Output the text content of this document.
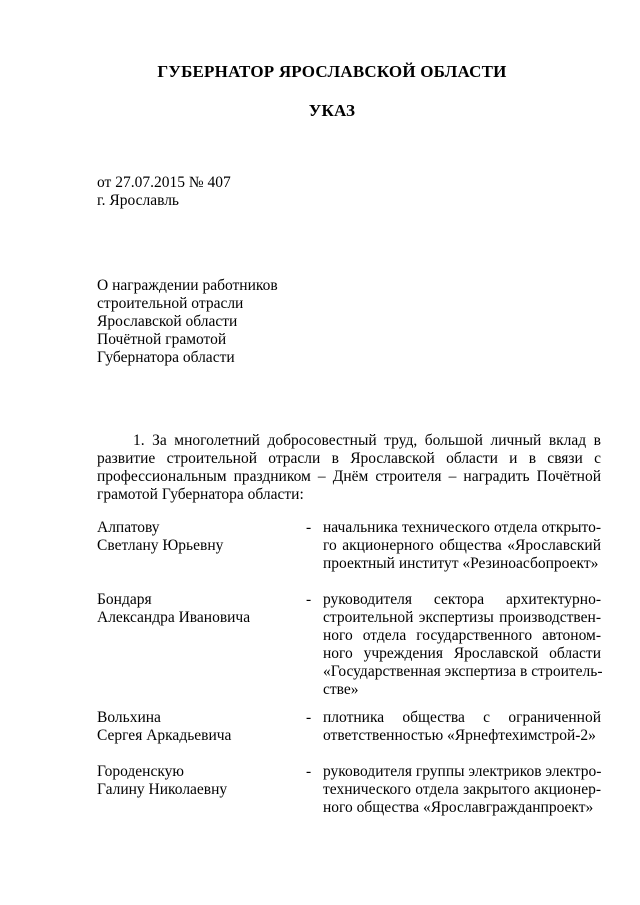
ГУБЕРНАТОР ЯРОСЛАВСКОЙ ОБЛАСТИ
УКАЗ
от 27.07.2015 № 407
г. Ярославль
О награждении работников
строительной отрасли
Ярославской области
Почётной грамотой
Губернатора области
1. За многолетний добросовестный труд, большой личный вклад в развитие строительной отрасли в Ярославской области и в связи с профессиональным праздником – Днём строителя – наградить Почётной грамотой Губернатора области:
Алпатову
Светлану Юрьевну
- начальника технического отдела открыто-
го акционерного общества «Ярославский
проектный институт «Резиноасбопроект»
Бондаря
Александра Ивановича
- руководителя сектора архитектурно-
строительной экспертизы производствен-
ного отдела государственного автоном-
ного учреждения Ярославской области
«Государственная экспертиза в строитель-
стве»
Вольхина
Сергея Аркадьевича
- плотника общества с ограниченной
ответственностью «Ярнефтехимстрой-2»
Городенскую
Галину Николаевну
- руководителя группы электриков электро-
технического отдела закрытого акционер-
ного общества «Ярославгражданпроект»
